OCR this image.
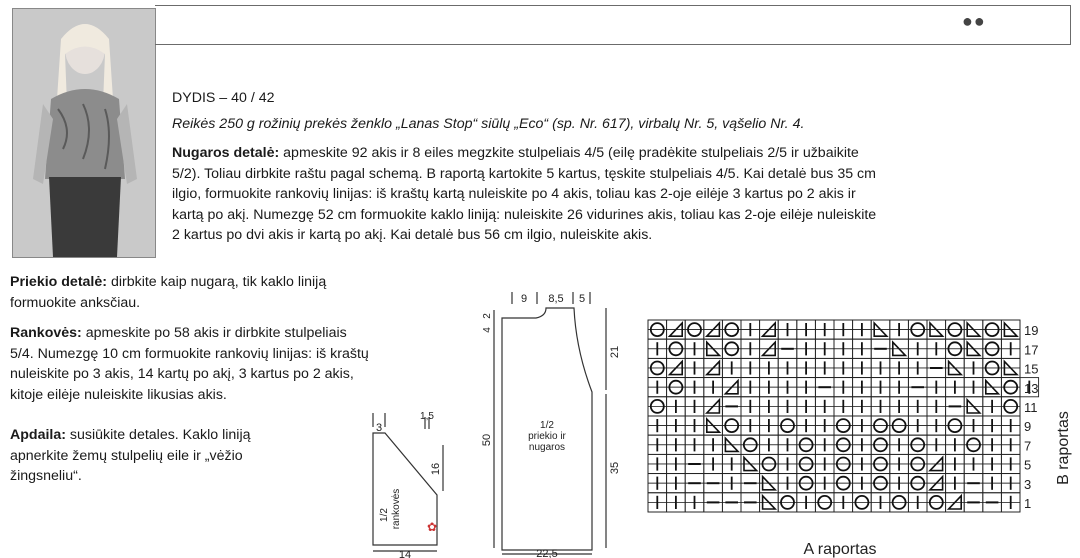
●●
DYDIS – 40 / 42
Reikės 250 g rožinių prekės ženklo „Lanas Stop“ siūlų „Eco“ (sp. Nr. 617), virbalų Nr. 5, vąšelio Nr. 4.
Nugaros detalė: apmeskite 92 akis ir 8 eiles megzkite stulpeliais 4/5 (eilę pradėkite stulpeliais 2/5 ir užbaikite
5/2). Toliau dirbkite raštu pagal schemą. B raportą kartokite 5 kartus, tęskite stulpeliais 4/5. Kai detalė bus 35 cm
ilgio, formuokite rankovių linijas: iš kraštų kartą nuleiskite po 4 akis, toliau kas 2-oje eilėje 3 kartus po 2 akis ir
kartą po akį. Numezgę 52 cm formuokite kaklo liniją: nuleiskite 26 vidurines akis, toliau kas 2-oje eilėje nuleiskite
2 kartus po dvi akis ir kartą po akį. Kai detalė bus 56 cm ilgio, nuleiskite akis.
Priekio detalė: dirbkite kaip nugarą, tik kaklo liniją
formuokite anksčiau.
Rankovės: apmeskite po 58 akis ir dirbkite stulpeliais
5/4. Numezgę 10 cm formuokite rankovių linijas: iš kraštų
nuleiskite po 3 akis, 14 kartų po akį, 3 kartus po 2 akis,
kitoje eilėje nuleiskite likusias akis.
Apdaila: susiūkite detales. Kaklo liniją
apnerkite žemų stulpelių eile ir „vėžio
žingsneliu“.
3
1,5
16
1/2 rankovės
14
✿
9 8,5 5
4
2
50
21
35
1/2
priekio ir
nugaros
22,5
19
17
15
13
11
9
7
5
3
1
A raportas
B raportas
